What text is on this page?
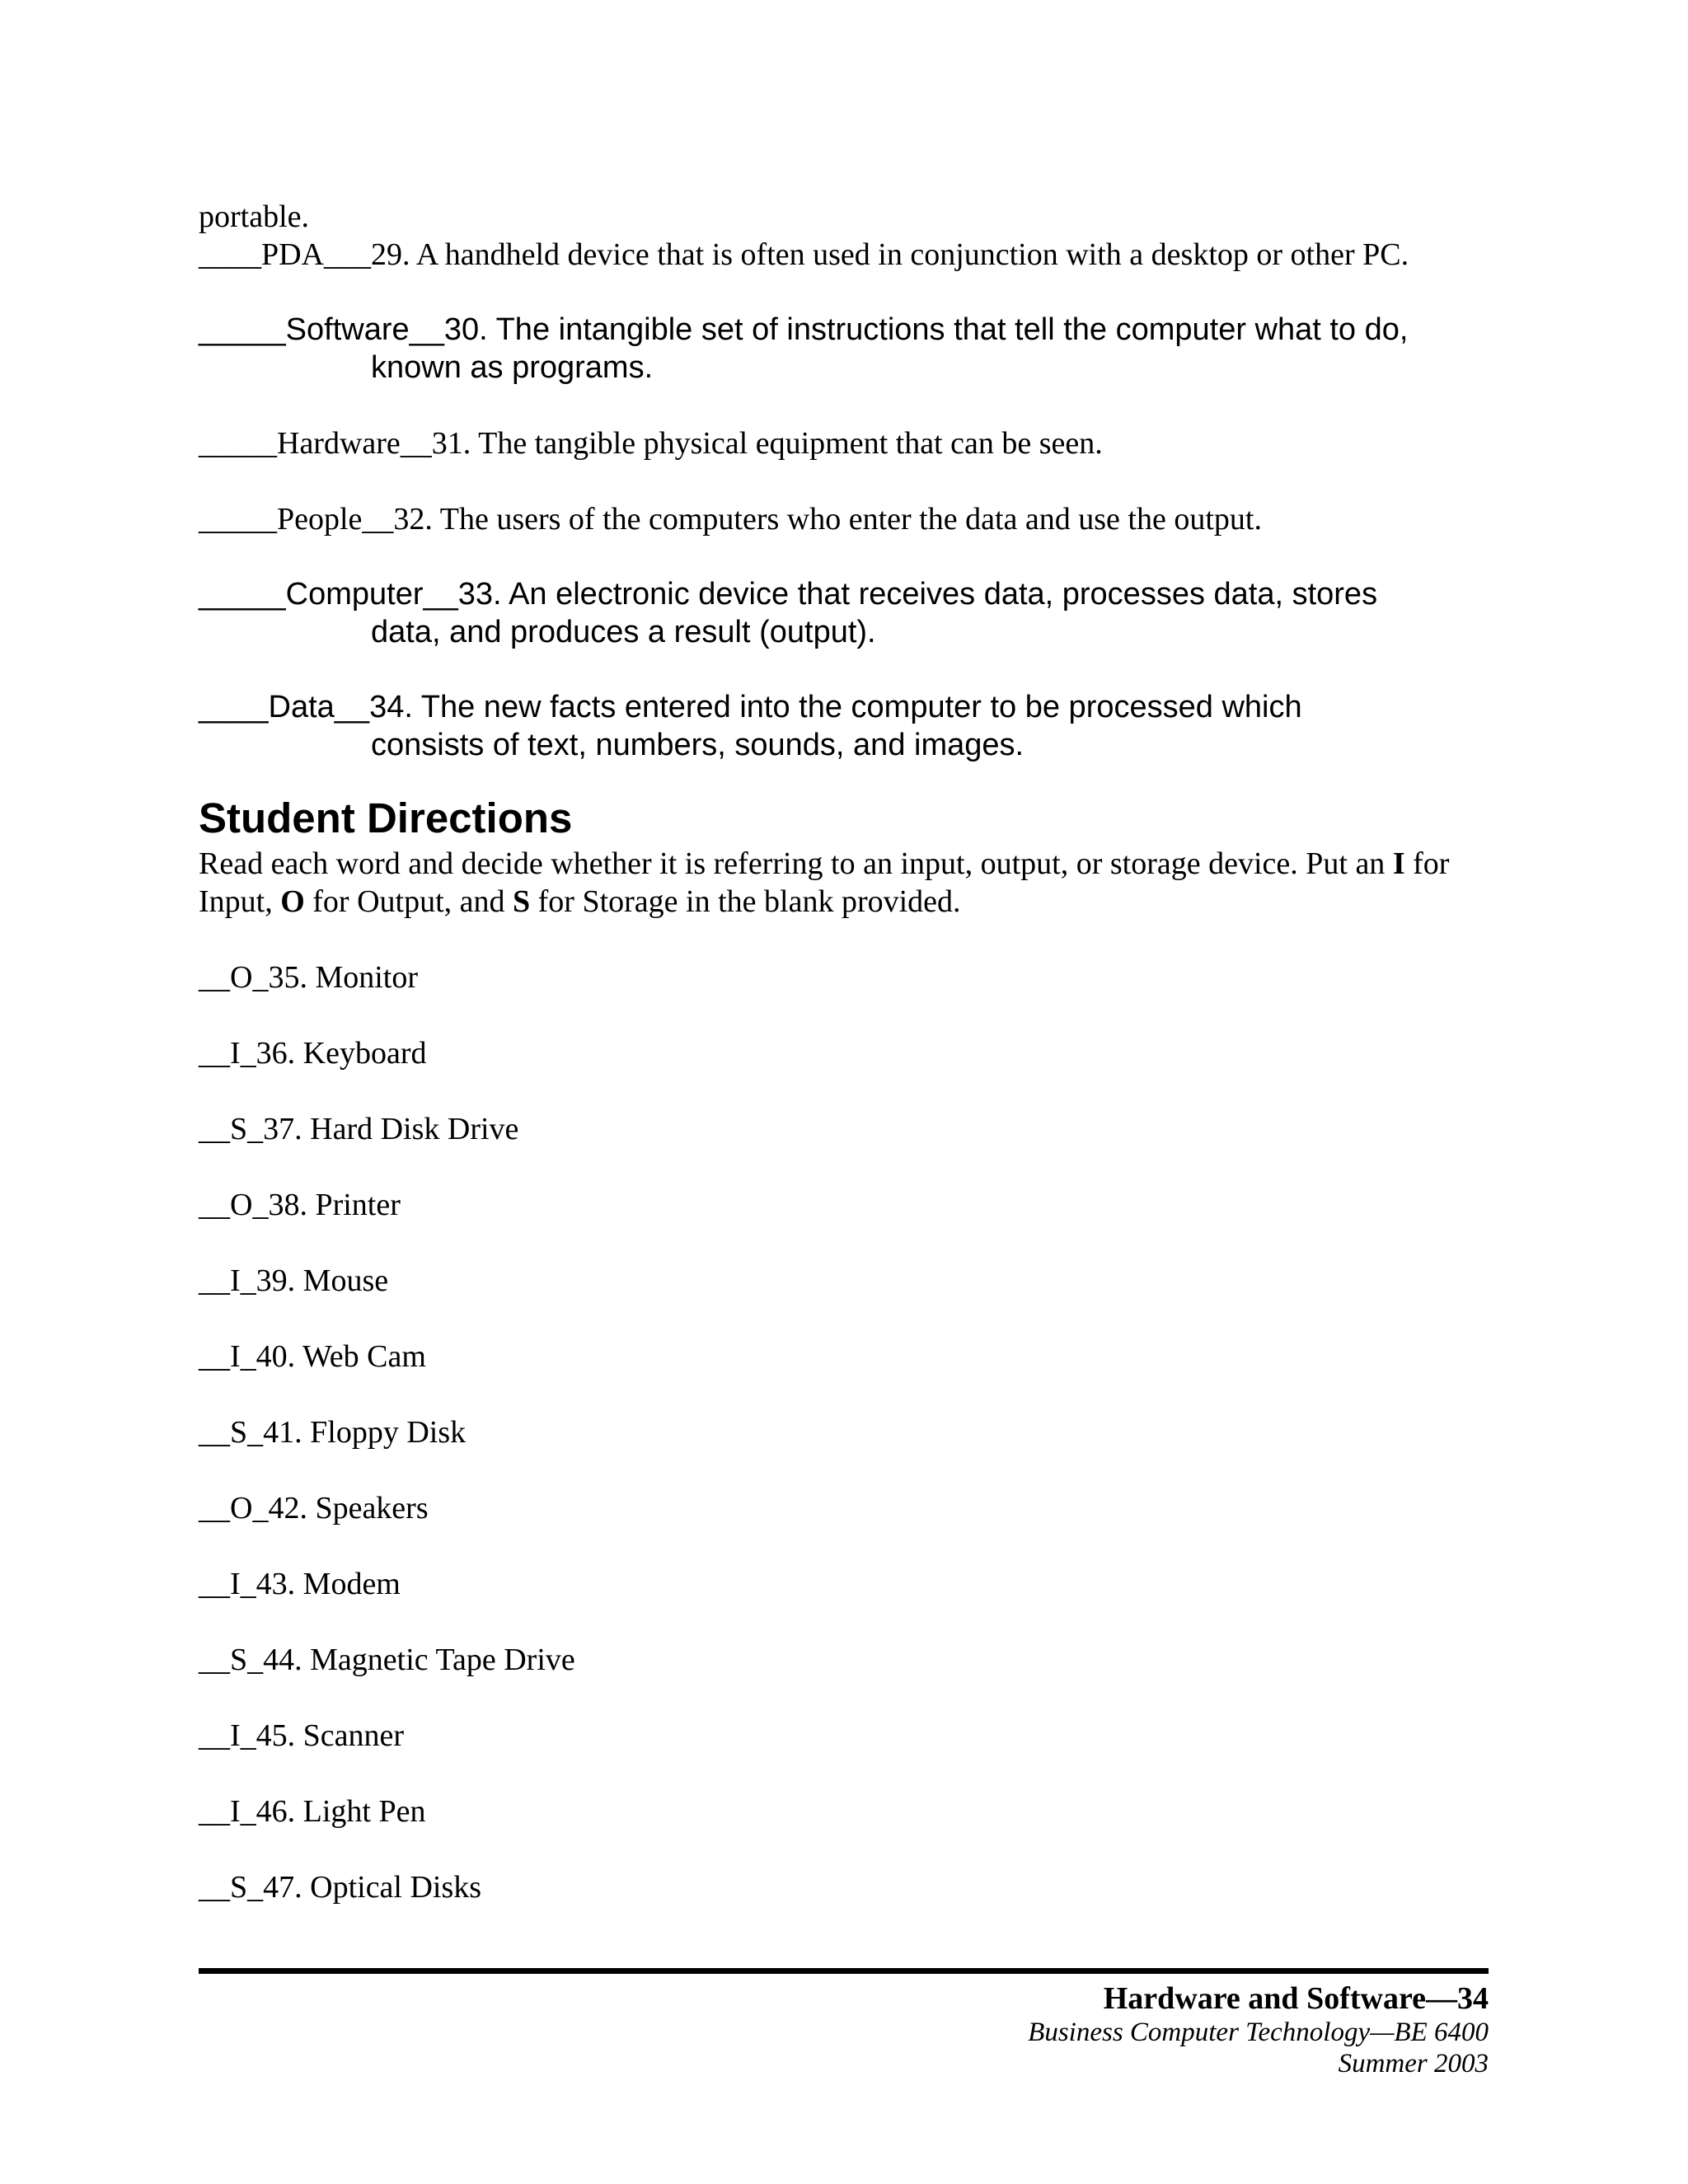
portable.
____PDA___29. A handheld device that is often used in conjunction with a desktop or other PC.
_____Software__30. The intangible set of instructions that tell the computer what to do,
known as programs.
_____Hardware__31. The tangible physical equipment that can be seen.
_____People__32. The users of the computers who enter the data and use the output.
_____Computer__33. An electronic device that receives data, processes data, stores
data, and produces a result (output).
____Data__34. The new facts entered into the computer to be processed which
consists of text, numbers, sounds, and images.
Student Directions
Read each word and decide whether it is referring to an input, output, or storage device. Put an I for Input, O for Output, and S for Storage in the blank provided.
__O_35. Monitor
__I_36. Keyboard
__S_37. Hard Disk Drive
__O_38. Printer
__I_39. Mouse
__I_40. Web Cam
__S_41. Floppy Disk
__O_42. Speakers
__I_43. Modem
__S_44. Magnetic Tape Drive
__I_45. Scanner
__I_46. Light Pen
__S_47. Optical Disks
Hardware and Software—34
Business Computer Technology—BE 6400
Summer 2003
